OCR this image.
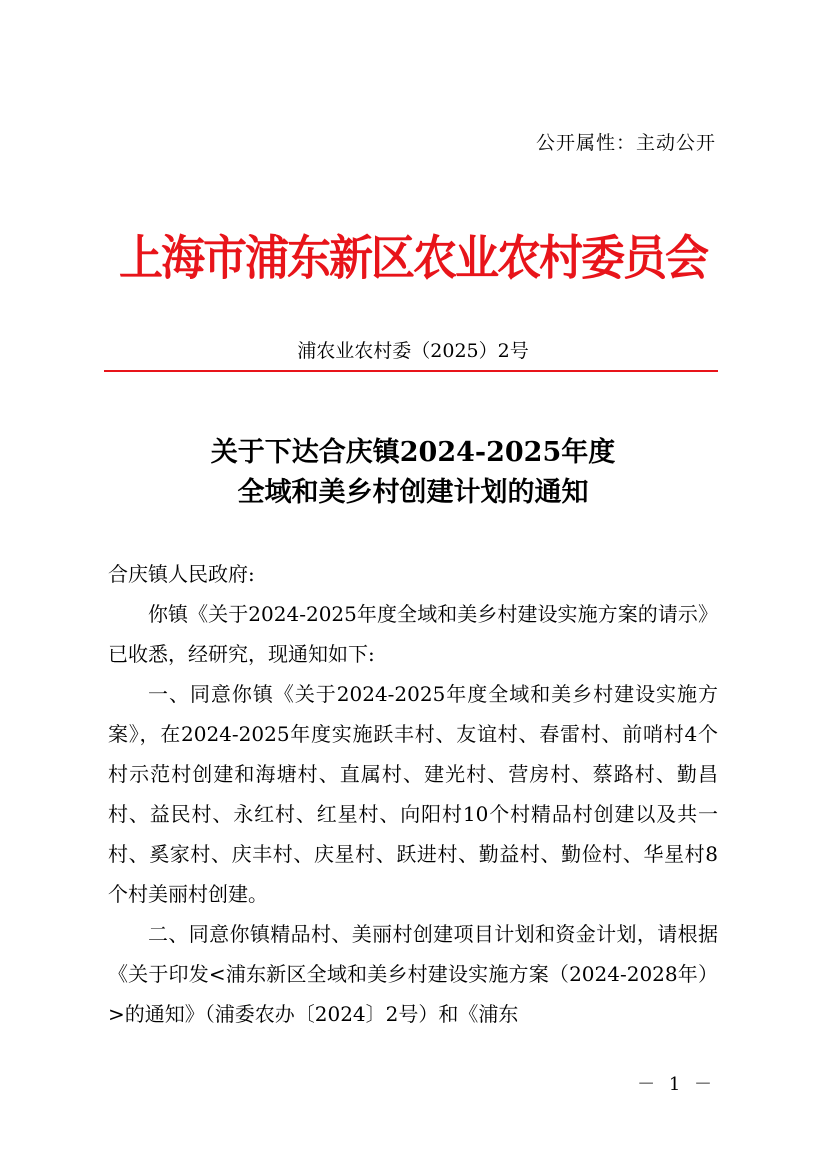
公开属性：主动公开
上海市浦东新区农业农村委员会
浦农业农村委（2025）2号
关于下达合庆镇2024-2025年度
全域和美乡村创建计划的通知

合庆镇人民政府:

你镇《关于2024-2025年度全域和美乡村建设实施方案的请示》已收悉，经研究，现通知如下:

一、同意你镇《关于2024-2025年度全域和美乡村建设实施方案》，在2024-2025年度实施跃丰村、友谊村、春雷村、前哨村4个村示范村创建和海塘村、直属村、建光村、营房村、蔡路村、勤昌村、益民村、永红村、红星村、向阳村10个村精品村创建以及共一村、奚家村、庆丰村、庆星村、跃进村、勤益村、勤俭村、华星村8个村美丽村创建。

二、同意你镇精品村、美丽村创建项目计划和资金计划，请根据《关于印发<浦东新区全域和美乡村建设实施方案（2024-2028年）>的通知》（浦委农办〔2024〕2号）和《浦东

－ 1 －
